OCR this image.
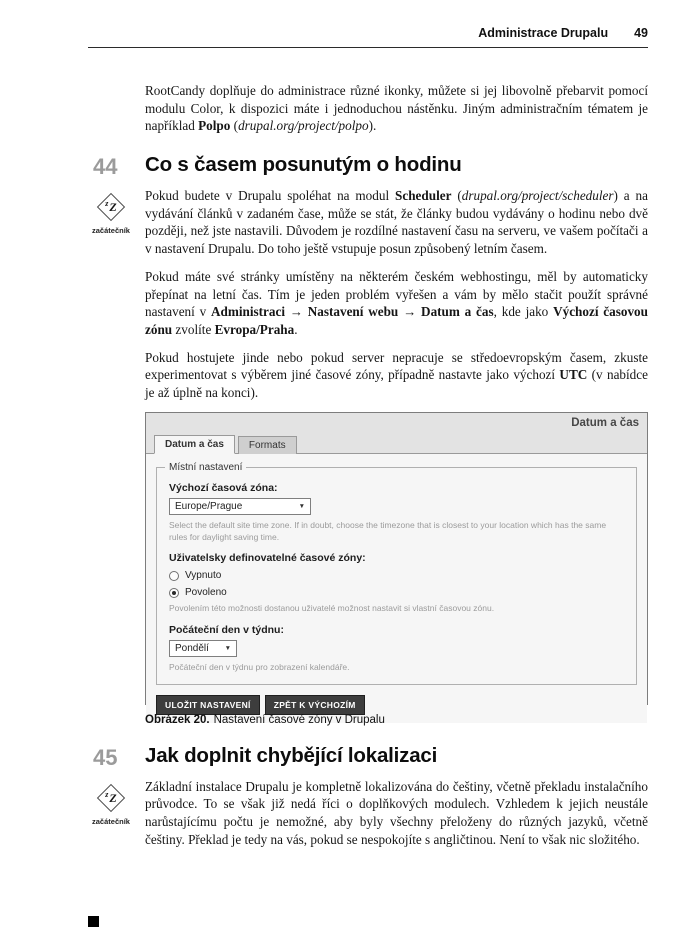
Administrace Drupalu 49

RootCandy doplňuje do administrace různé ikonky, můžete si jej libovolně přebarvit pomocí modulu Color, k dispozici máte i jednoduchou nástěnku. Jiným administračním tématem je například Polpo (drupal.org/project/polpo).

44 Co s časem posunutým o hodinu
z Z
začátečník

Pokud budete v Drupalu spoléhat na modul Scheduler (drupal.org/project/scheduler) a na vydávání článků v zadaném čase, může se stát, že články budou vydávány o hodinu nebo dvě později, než jste nastavili. Důvodem je rozdílné nastavení času na serveru, ve vašem počítači a v nastavení Drupalu. Do toho ještě vstupuje posun způsobený letním časem.

Pokud máte své stránky umístěny na některém českém webhostingu, měl by automaticky přepínat na letní čas. Tím je jeden problém vyřešen a vám by mělo stačit použít správné nastavení v Administraci → Nastavení webu → Datum a čas, kde jako Výchozí časovou zónu zvolíte Evropa/Praha.

Pokud hostujete jinde nebo pokud server nepracuje se středoevropským časem, zkuste experimentovat s výběrem jiné časové zóny, případně nastavte jako výchozí UTC (v nabídce je až úplně na konci).

Datum a čas
Datum a čas	Formats
Místní nastavení
Výchozí časová zóna:
Europe/Prague	▼
Select the default site time zone. If in doubt, choose the timezone that is closest to your location which has the same rules for daylight saving time.
Uživatelsky definovatelné časové zóny:
Vypnuto
Povoleno
Povolením této možnosti dostanou uživatelé možnost nastavit si vlastní časovou zónu.
Počáteční den v týdnu:
Pondělí ▼
Počáteční den v týdnu pro zobrazení kalendáře.
ULOŽIT NASTAVENÍ	ZPĚT K VÝCHOZÍM
Obrázek 20. Nastavení časové zóny v Drupalu
45 Jak doplnit chybějící lokalizaci
z Z
začátečník

Základní instalace Drupalu je kompletně lokalizována do češtiny, včetně překladu instalačního průvodce. To se však již nedá říci o doplňkových modulech. Vzhledem k jejich neustále narůstajícímu počtu je nemožné, aby byly všechny přeloženy do různých jazyků, včetně češtiny. Překlad je tedy na vás, pokud se nespokojíte s angličtinou. Není to však nic složitého.
